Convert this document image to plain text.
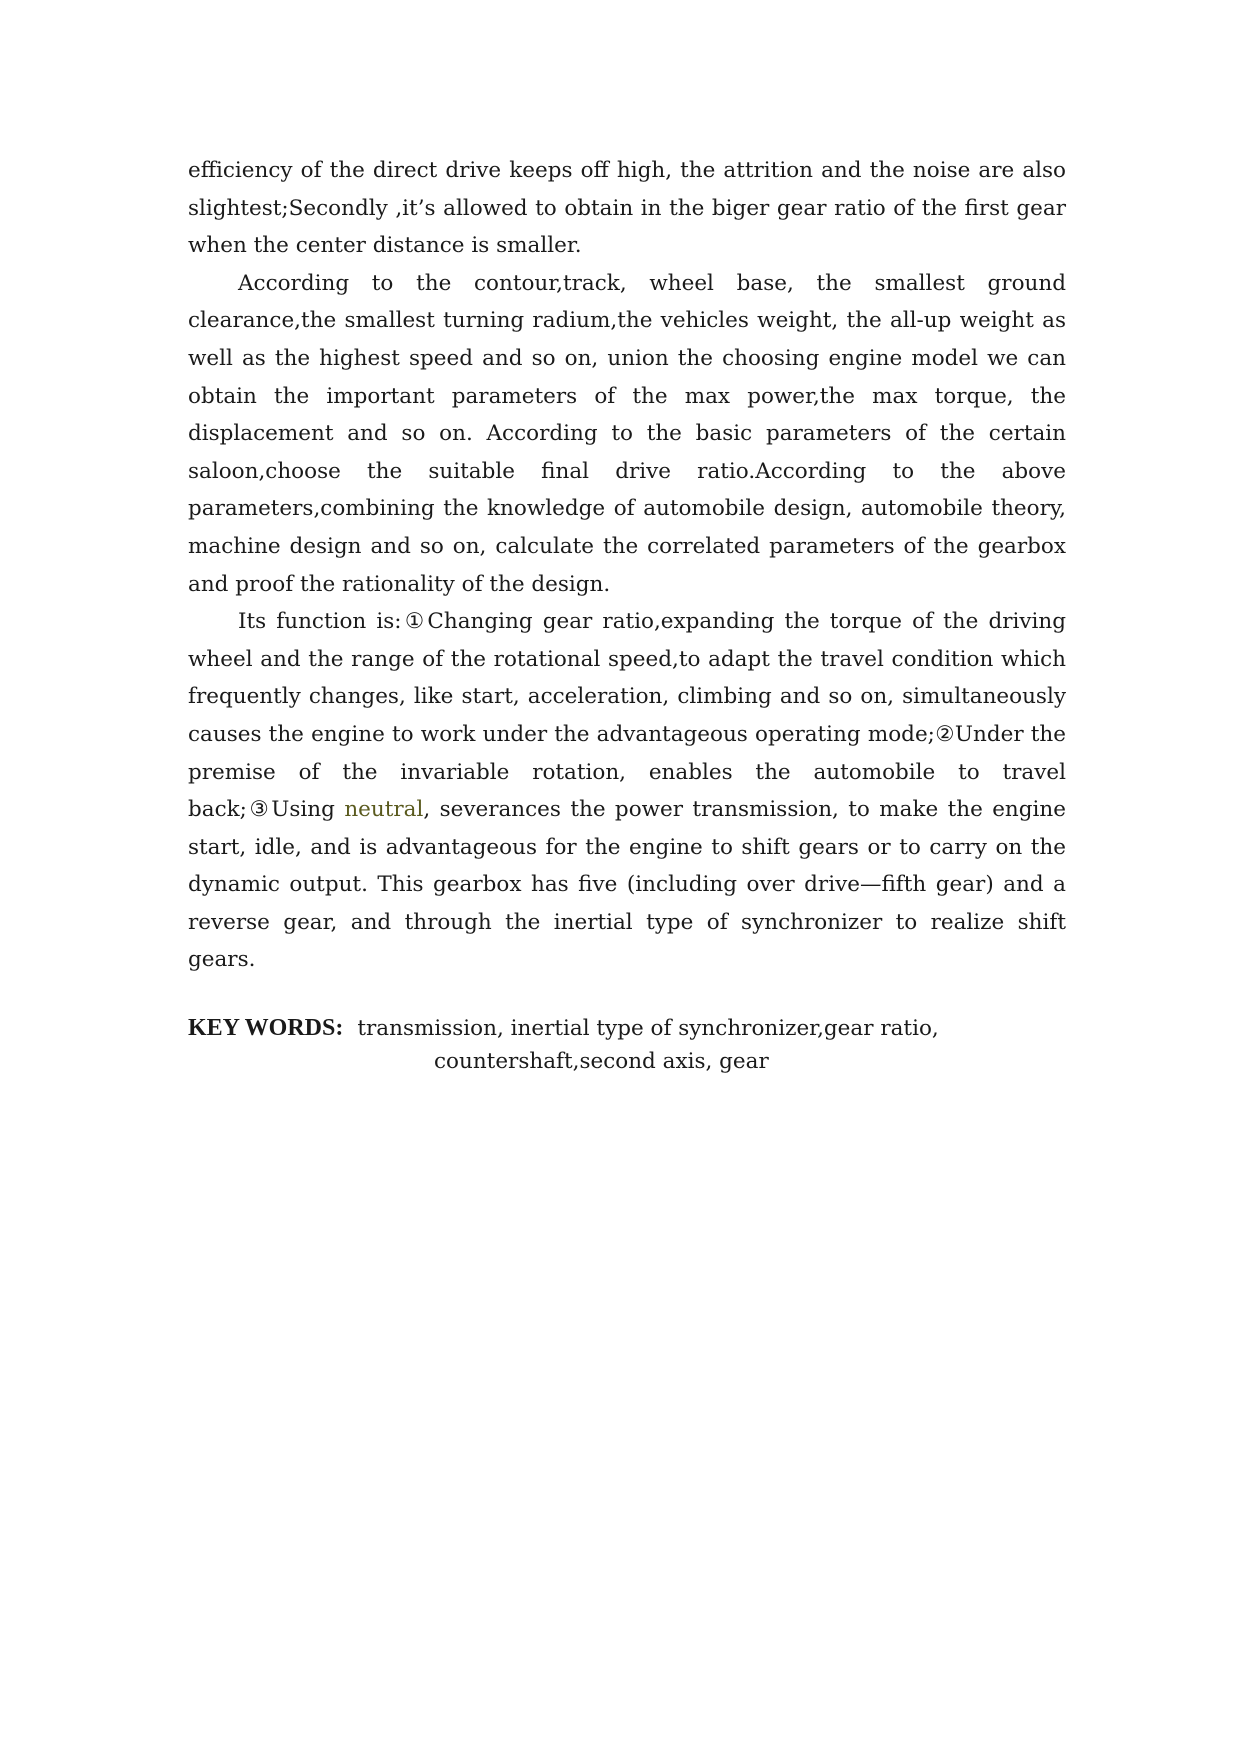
efficiency of the direct drive keeps off high, the attrition and the noise are also slightest;Secondly ,it’s allowed to obtain in the biger gear ratio of the first gear when the center distance is smaller.

According to the contour,track, wheel base, the smallest ground clearance,the smallest turning radium,the vehicles weight, the all-up weight as well as the highest speed and so on, union the choosing engine model we can obtain the important parameters of the max power,the max torque, the displacement and so on. According to the basic parameters of the certain saloon,choose the suitable final drive ratio.According to the above parameters,combining the knowledge of automobile design, automobile theory, machine design and so on, calculate the correlated parameters of the gearbox and proof the rationality of the design.

Its function is:①Changing gear ratio,expanding the torque of the driving wheel and the range of the rotational speed,to adapt the travel condition which frequently changes, like start, acceleration, climbing and so on, simultaneously causes the engine to work under the advantageous operating mode;②Under the premise of the invariable rotation, enables the automobile to travel back;③Using neutral, severances the power transmission, to make the engine start, idle, and is advantageous for the engine to shift gears or to carry on the dynamic output. This gearbox has five (including over drive—fifth gear) and a reverse gear, and through the inertial type of synchronizer to realize shift gears.

KEY WORDS: transmission, inertial type of synchronizer,gear ratio,
countershaft,second axis, gear
